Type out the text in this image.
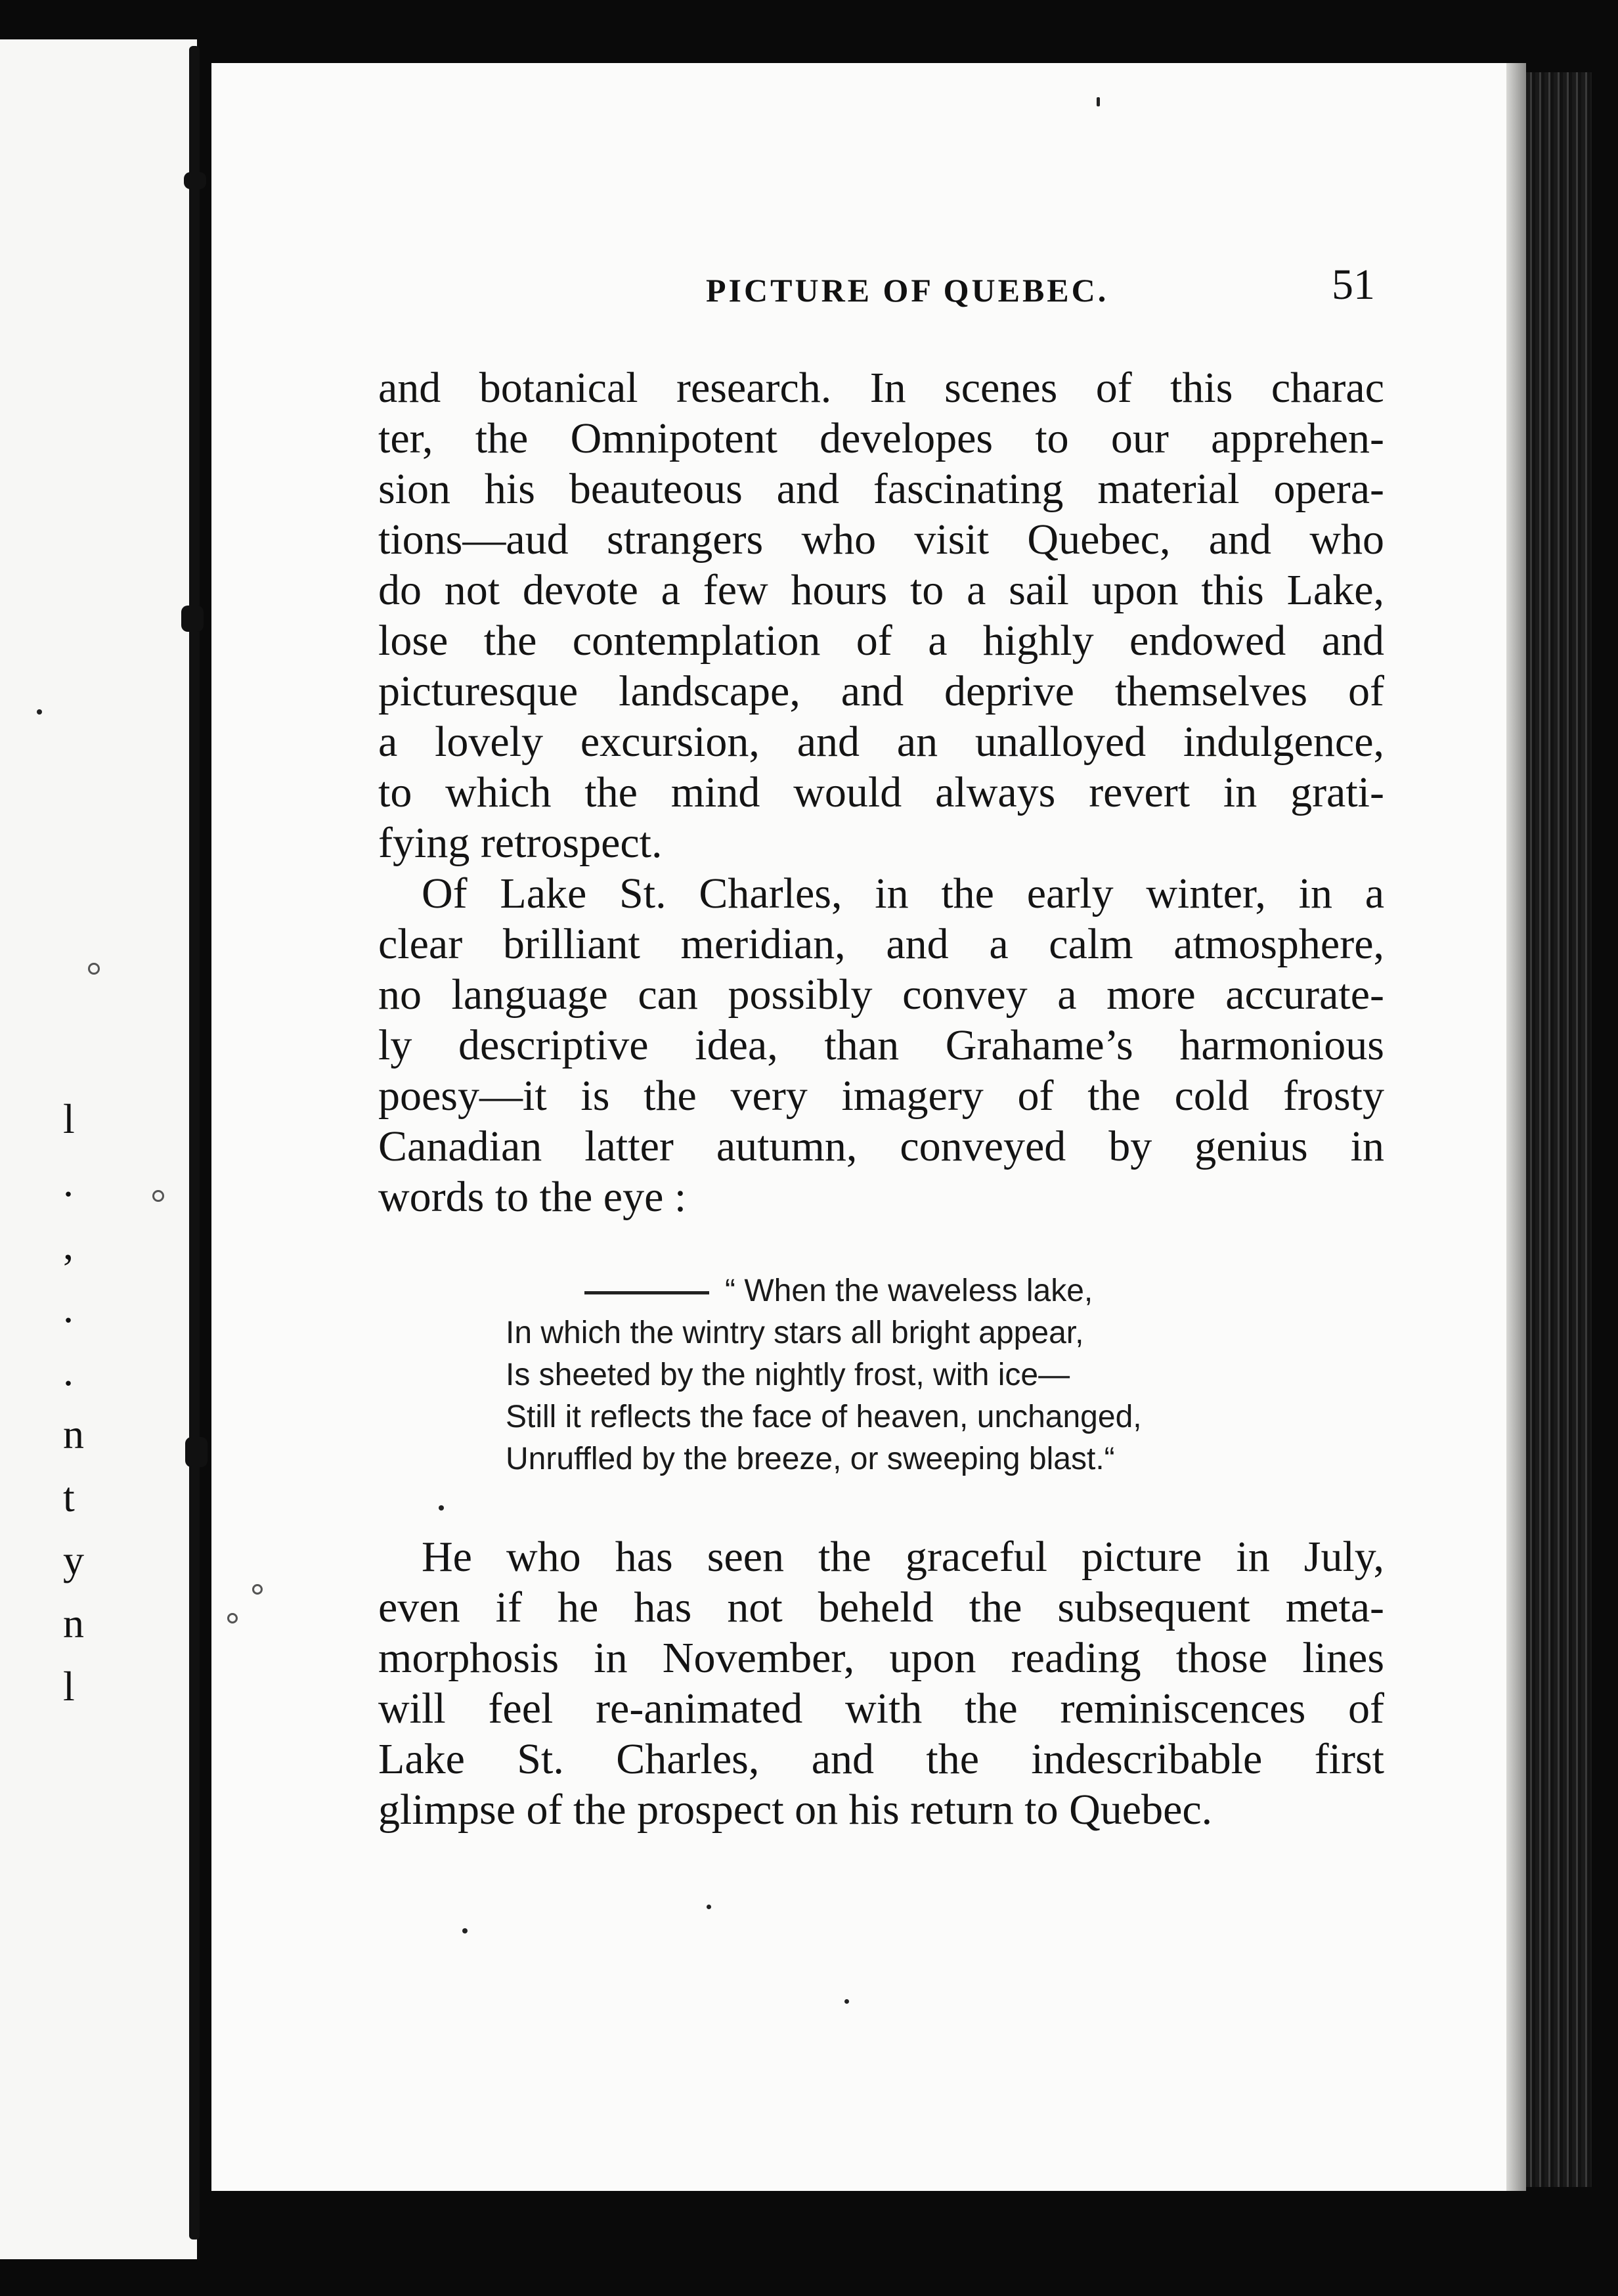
l
.
,
.
.
n
t
y
n
l

PICTURE OF QUEBEC.	51
and botanical research. In scenes of this charac
ter, the Omnipotent developes to our apprehen-
sion his beauteous and fascinating material opera-
tions—aud strangers who visit Quebec, and who
do not devote a few hours to a sail upon this Lake,
lose the contemplation of a highly endowed and
picturesque landscape, and deprive themselves of
a lovely excursion, and an unalloyed indulgence,
to which the mind would always revert in grati-
fying retrospect.
Of Lake St. Charles, in the early winter, in a
clear brilliant meridian, and a calm atmosphere,
no language can possibly convey a more accurate-
ly descriptive idea, than Grahame’s harmonious
poesy—it is the very imagery of the cold frosty
Canadian latter autumn, conveyed by genius in
words to the eye :
“ When the waveless lake,
In which the wintry stars all bright appear,
Is sheeted by the nightly frost, with ice—
Still it reflects the face of heaven, unchanged,
Unruffled by the breeze, or sweeping blast.“
He who has seen the graceful picture in July,
even if he has not beheld the subsequent meta-
morphosis in November, upon reading those lines
will feel re-animated with the reminiscences of
Lake St. Charles, and the indescribable first
glimpse of the prospect on his return to Quebec.
